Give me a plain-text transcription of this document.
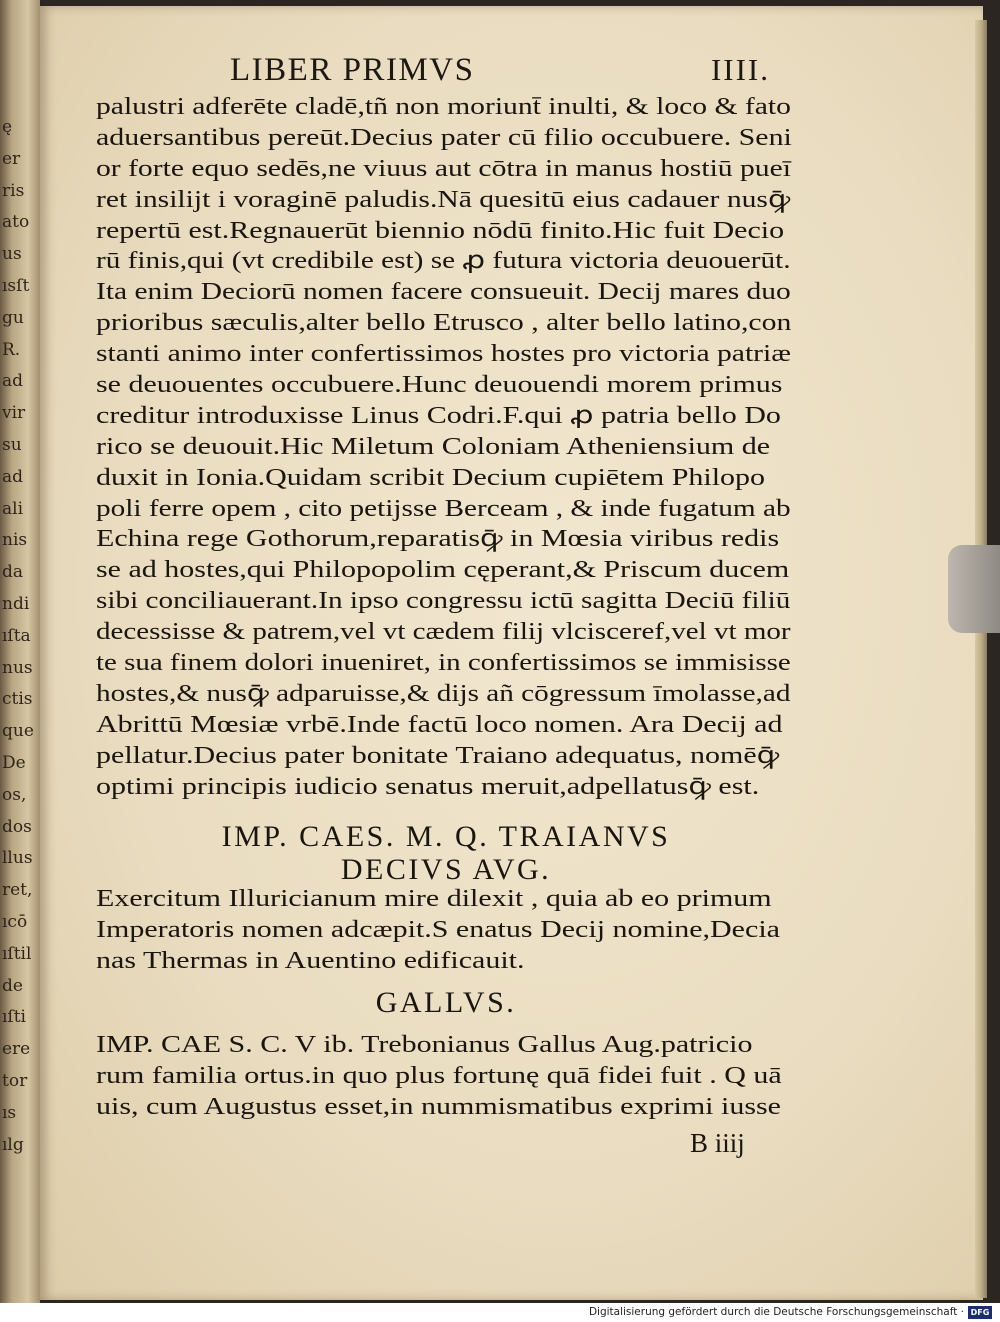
ę
er
ris
ato
us
ısſt
gu
R.
ad
vir
su
ad
ali
nis
da
ndi
ıſta
nus
ctis
que
De
os,
dos
llus
ret,
ıcō
ıſtil
de
ıſti
ere
tor
ıs
ılg
LIBER PRIMVS	IIII.
palustri adferēte cladē,tñ non moriunt̄ inulti, & loco & fato
aduersantibus pereūt.Decius pater cū filio occubuere. Seni
or forte equo sedēs,ne viuus aut cōtra in manus hostiū pueī
ret insilijt i voraginē paludis.Nā quesitū eius cadauer nusꝙ̄
repertū est.Regnauerūt biennio nōdū finito.Hic fuit Decio
rū finis,qui (vt credibile est) se ꝓ futura victoria deuouerūt.
Ita enim Deciorū nomen facere consueuit. Decij mares duo
prioribus sæculis,alter bello Etrusco , alter bello latino,con
stanti animo inter confertissimos hostes pro victoria patriæ
se deuouentes occubuere.Hunc deuouendi morem primus
creditur introduxisse Linus Codri.F.qui ꝓ patria bello Do
rico se deuouit.Hic Miletum Coloniam Atheniensium de
duxit in Ionia.Quidam scribit Decium cupiētem Philopo
poli ferre opem , cito petijsse Berceam , & inde fugatum ab
Echina rege Gothorum,reparatisꝙ̄ in Mœsia viribus redis
se ad hostes,qui Philopopolim cęperant,& Priscum ducem
sibi conciliauerant.In ipso congressu ictū sagitta Deciū filiū
decessisse & patrem,vel vt cædem filij vlcisceref,vel vt mor
te sua finem dolori inueniret, in confertissimos se immisisse
hostes,& nusꝙ̄ adparuisse,& dijs añ cōgressum īmolasse,ad
Abrittū Mœsiæ vrbē.Inde factū loco nomen. Ara Decij ad
pellatur.Decius pater bonitate Traiano adequatus, nomēꝙ̄
optimi principis iudicio senatus meruit,adpellatusꝙ̄ est.
IMP. CAES. M. Q. TRAIANVS
DECIVS AVG.
Exercitum Illuricianum mire dilexit , quia ab eo primum
Imperatoris nomen adcæpit.S enatus Decij nomine,Decia
nas Thermas in Auentino edificauit.
GALLVS.
IMP. CAE S. C. V ib. Trebonianus Gallus Aug.patricio
rum familia ortus.in quo plus fortunę quā fidei fuit . Q uā
uis, cum Augustus esset,in nummismatibus exprimi iusse
B iiij
Digitalisierung gefördert durch die Deutsche Forschungsgemeinschaft · DFG
